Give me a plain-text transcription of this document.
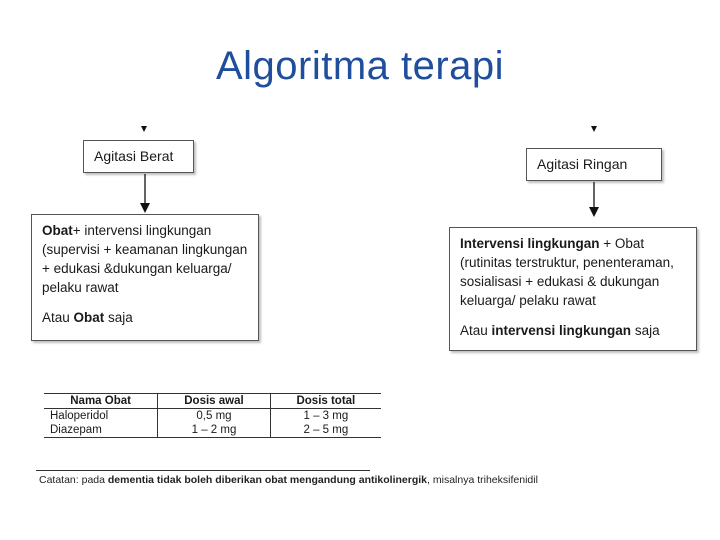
Algoritma terapi
Agitasi Berat	Agitasi Ringan

Obat+ intervensi lingkungan

(supervisi + keamanan lingkungan

+ edukasi &dukungan keluarga/

pelaku rawat

Atau Obat saja

Intervensi lingkungan + Obat

(rutinitas terstruktur, penenteraman,

sosialisasi + edukasi & dukungan

keluarga/ pelaku rawat

Atau intervensi lingkungan saja

Nama Obat	Dosis awal	Dosis total
Haloperidol	0,5 mg	1 – 3 mg
Diazepam	1 – 2 mg	2 – 5 mg
Catatan: pada dementia tidak boleh diberikan obat mengandung antikolinergik, misalnya triheksifenidil
